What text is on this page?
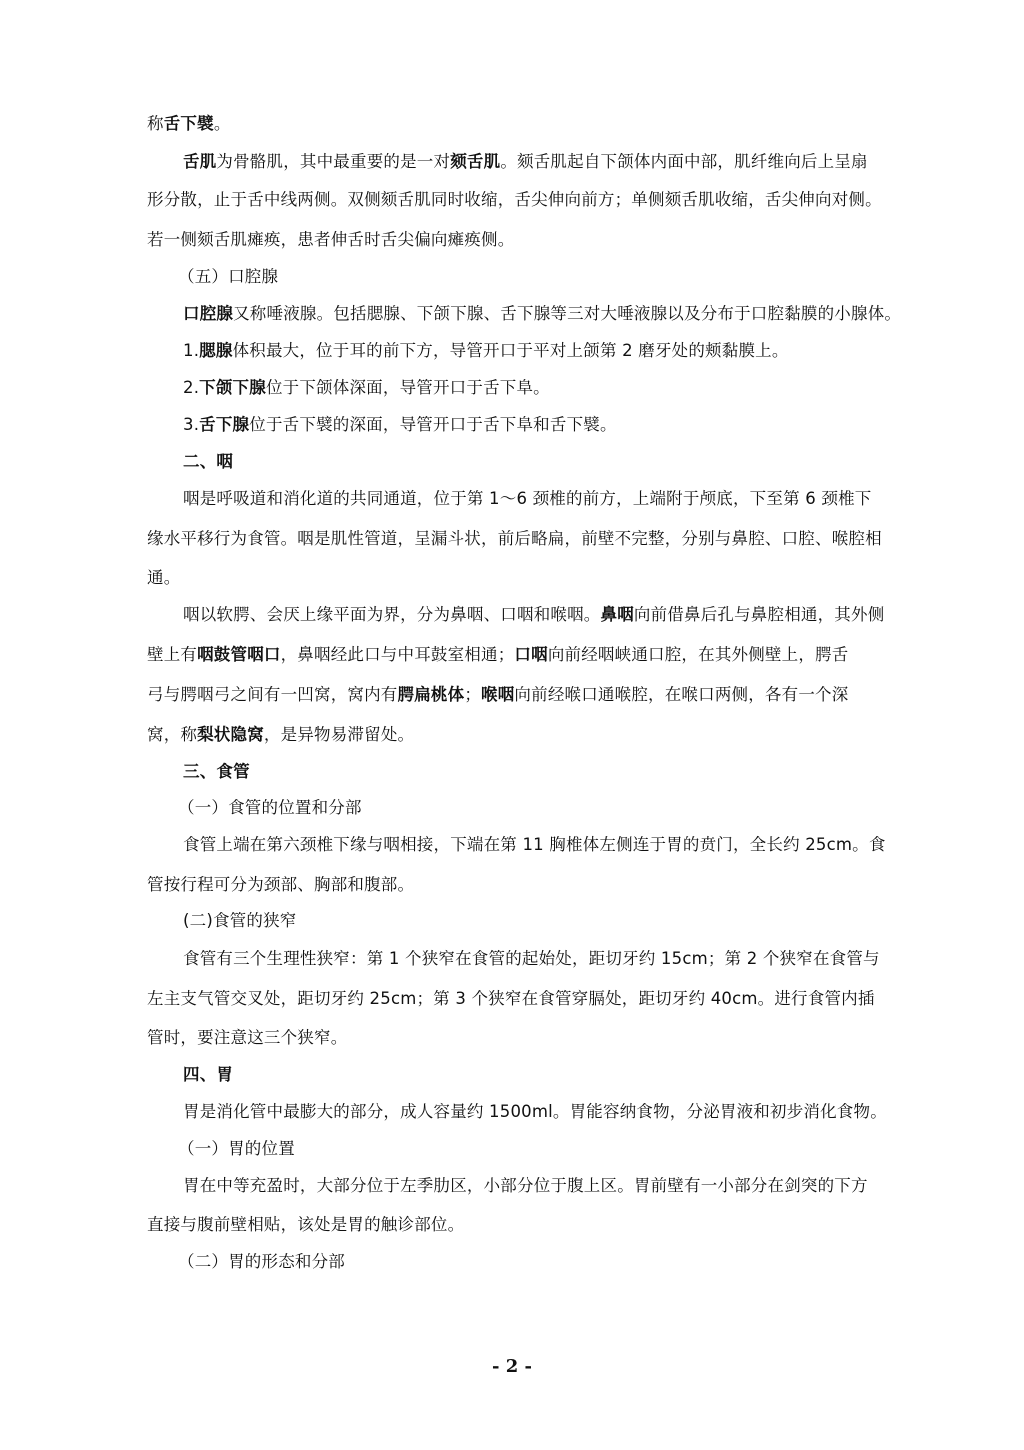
称舌下襞。
舌肌为骨骼肌，其中最重要的是一对颏舌肌。颏舌肌起自下颌体内面中部，肌纤维向后上呈扇
形分散，止于舌中线两侧。双侧颏舌肌同时收缩，舌尖伸向前方；单侧颏舌肌收缩，舌尖伸向对侧。
若一侧颏舌肌瘫痪，患者伸舌时舌尖偏向瘫痪侧。
（五）口腔腺
口腔腺又称唾液腺。包括腮腺、下颌下腺、舌下腺等三对大唾液腺以及分布于口腔黏膜的小腺体。
1.腮腺体积最大，位于耳的前下方，导管开口于平对上颌第 2 磨牙处的颊黏膜上。
2.下颌下腺位于下颌体深面，导管开口于舌下阜。
3.舌下腺位于舌下襞的深面，导管开口于舌下阜和舌下襞。
二、咽
咽是呼吸道和消化道的共同通道，位于第 1～6 颈椎的前方，上端附于颅底，下至第 6 颈椎下
缘水平移行为食管。咽是肌性管道，呈漏斗状，前后略扁，前壁不完整，分别与鼻腔、口腔、喉腔相
通。
咽以软腭、会厌上缘平面为界，分为鼻咽、口咽和喉咽。鼻咽向前借鼻后孔与鼻腔相通，其外侧
壁上有咽鼓管咽口，鼻咽经此口与中耳鼓室相通；口咽向前经咽峡通口腔，在其外侧壁上，腭舌
弓与腭咽弓之间有一凹窝，窝内有腭扁桃体；喉咽向前经喉口通喉腔，在喉口两侧，各有一个深
窝，称梨状隐窝，是异物易滞留处。
三、食管
（一）食管的位置和分部
食管上端在第六颈椎下缘与咽相接，下端在第 11 胸椎体左侧连于胃的贲门，全长约 25cm。食
管按行程可分为颈部、胸部和腹部。
(二)食管的狭窄
食管有三个生理性狭窄：第 1 个狭窄在食管的起始处，距切牙约 15cm；第 2 个狭窄在食管与
左主支气管交叉处，距切牙约 25cm；第 3 个狭窄在食管穿膈处，距切牙约 40cm。进行食管内插
管时，要注意这三个狭窄。
四、胃
胃是消化管中最膨大的部分，成人容量约 1500ml。胃能容纳食物，分泌胃液和初步消化食物。
（一）胃的位置
胃在中等充盈时，大部分位于左季肋区，小部分位于腹上区。胃前壁有一小部分在剑突的下方
直接与腹前壁相贴，该处是胃的触诊部位。
（二）胃的形态和分部
- 2 -
